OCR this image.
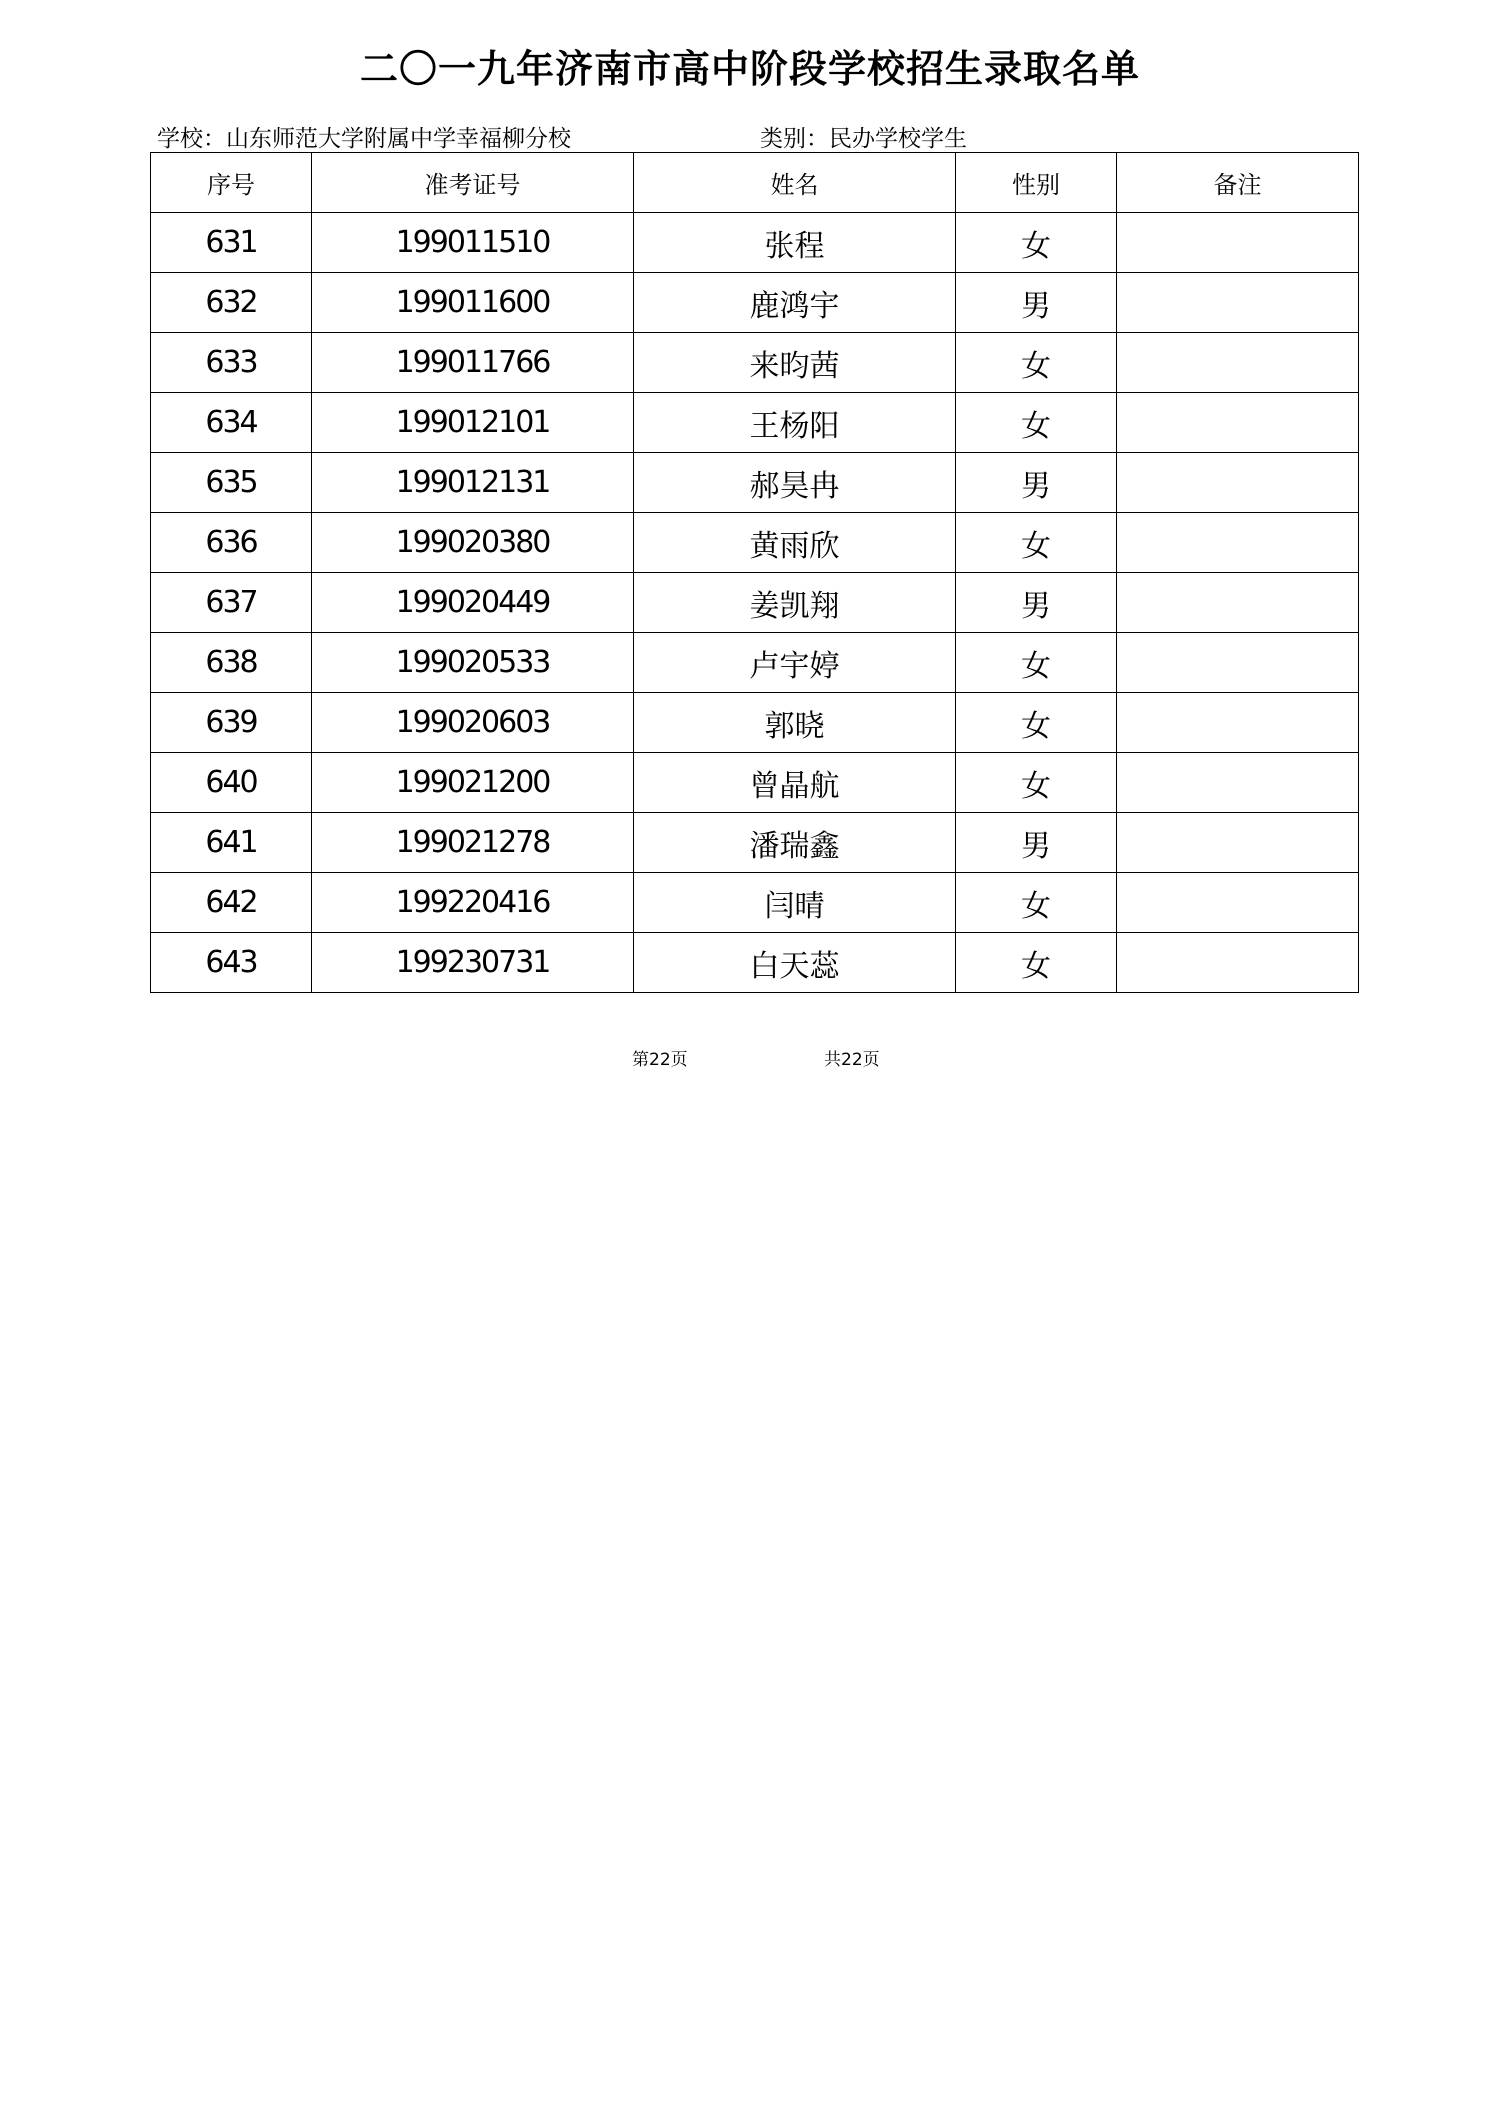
二〇一九年济南市高中阶段学校招生录取名单
学校：山东师范大学附属中学幸福柳分校	类别：民办学校学生
序号	准考证号	姓名	性别	备注
631	199011510	张程	女	
632	199011600	鹿鸿宇	男	
633	199011766	来昀茜	女	
634	199012101	王杨阳	女	
635	199012131	郝昊冉	男	
636	199020380	黄雨欣	女	
637	199020449	姜凯翔	男	
638	199020533	卢宇婷	女	
639	199020603	郭晓	女	
640	199021200	曾晶航	女	
641	199021278	潘瑞鑫	男	
642	199220416	闫晴	女	
643	199230731	白天蕊	女	
第22页	共22页
